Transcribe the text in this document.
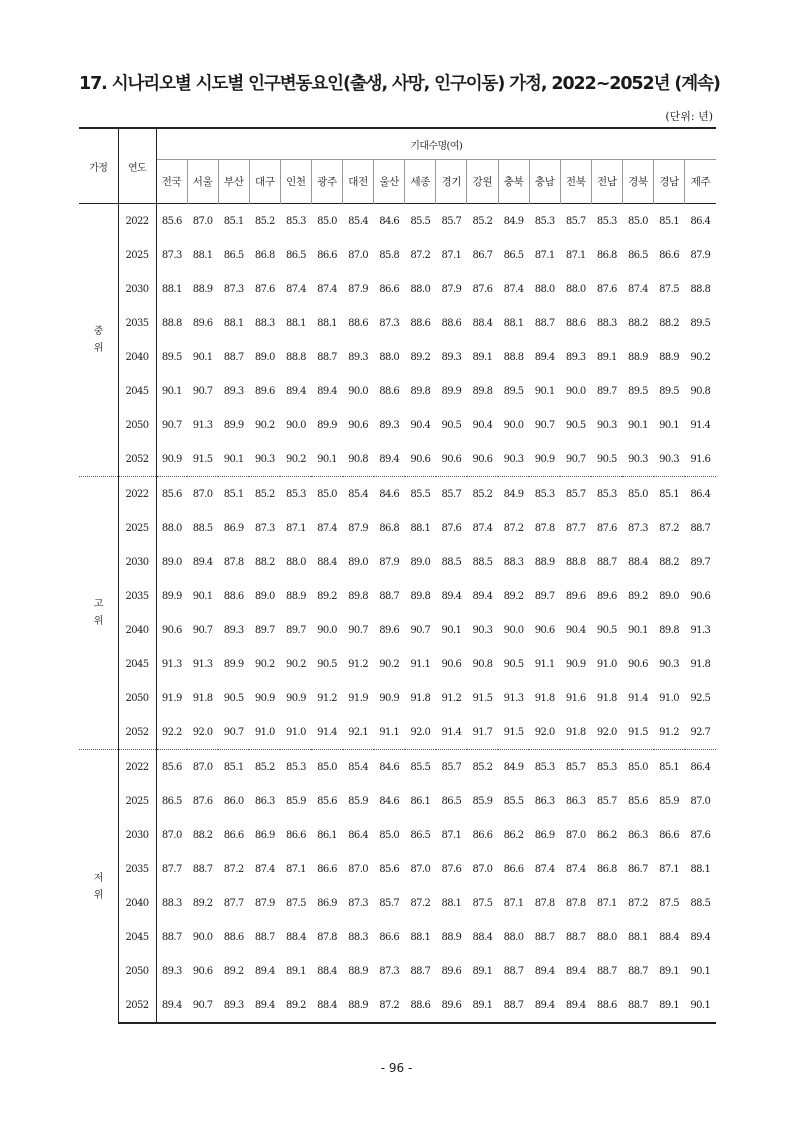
17. 시나리오별 시도별 인구변동요인(출생, 사망, 인구이동) 가정, 2022~2052년 (계속)
(단위: 년)
가정	연도	기대수명(여)																	
		전국	서울	부산	대구	인천	광주	대전	울산	세종	경기	강원	충북	충남	전북	전남	경북	경남	제주

중
위	2022	85.6	87.0	85.1	85.2	85.3	85.0	85.4	84.6	85.5	85.7	85.2	84.9	85.3	85.7	85.3	85.0	85.1	86.4
	2025	87.3	88.1	86.5	86.8	86.5	86.6	87.0	85.8	87.2	87.1	86.7	86.5	87.1	87.1	86.8	86.5	86.6	87.9
	2030	88.1	88.9	87.3	87.6	87.4	87.4	87.9	86.6	88.0	87.9	87.6	87.4	88.0	88.0	87.6	87.4	87.5	88.8
	2035	88.8	89.6	88.1	88.3	88.1	88.1	88.6	87.3	88.6	88.6	88.4	88.1	88.7	88.6	88.3	88.2	88.2	89.5
	2040	89.5	90.1	88.7	89.0	88.8	88.7	89.3	88.0	89.2	89.3	89.1	88.8	89.4	89.3	89.1	88.9	88.9	90.2
	2045	90.1	90.7	89.3	89.6	89.4	89.4	90.0	88.6	89.8	89.9	89.8	89.5	90.1	90.0	89.7	89.5	89.5	90.8
	2050	90.7	91.3	89.9	90.2	90.0	89.9	90.6	89.3	90.4	90.5	90.4	90.0	90.7	90.5	90.3	90.1	90.1	91.4
	2052	90.9	91.5	90.1	90.3	90.2	90.1	90.8	89.4	90.6	90.6	90.6	90.3	90.9	90.7	90.5	90.3	90.3	91.6

고
위	2022	85.6	87.0	85.1	85.2	85.3	85.0	85.4	84.6	85.5	85.7	85.2	84.9	85.3	85.7	85.3	85.0	85.1	86.4
	2025	88.0	88.5	86.9	87.3	87.1	87.4	87.9	86.8	88.1	87.6	87.4	87.2	87.8	87.7	87.6	87.3	87.2	88.7
	2030	89.0	89.4	87.8	88.2	88.0	88.4	89.0	87.9	89.0	88.5	88.5	88.3	88.9	88.8	88.7	88.4	88.2	89.7
	2035	89.9	90.1	88.6	89.0	88.9	89.2	89.8	88.7	89.8	89.4	89.4	89.2	89.7	89.6	89.6	89.2	89.0	90.6
	2040	90.6	90.7	89.3	89.7	89.7	90.0	90.7	89.6	90.7	90.1	90.3	90.0	90.6	90.4	90.5	90.1	89.8	91.3
	2045	91.3	91.3	89.9	90.2	90.2	90.5	91.2	90.2	91.1	90.6	90.8	90.5	91.1	90.9	91.0	90.6	90.3	91.8
	2050	91.9	91.8	90.5	90.9	90.9	91.2	91.9	90.9	91.8	91.2	91.5	91.3	91.8	91.6	91.8	91.4	91.0	92.5
	2052	92.2	92.0	90.7	91.0	91.0	91.4	92.1	91.1	92.0	91.4	91.7	91.5	92.0	91.8	92.0	91.5	91.2	92.7

저
위	2022	85.6	87.0	85.1	85.2	85.3	85.0	85.4	84.6	85.5	85.7	85.2	84.9	85.3	85.7	85.3	85.0	85.1	86.4
	2025	86.5	87.6	86.0	86.3	85.9	85.6	85.9	84.6	86.1	86.5	85.9	85.5	86.3	86.3	85.7	85.6	85.9	87.0
	2030	87.0	88.2	86.6	86.9	86.6	86.1	86.4	85.0	86.5	87.1	86.6	86.2	86.9	87.0	86.2	86.3	86.6	87.6
	2035	87.7	88.7	87.2	87.4	87.1	86.6	87.0	85.6	87.0	87.6	87.0	86.6	87.4	87.4	86.8	86.7	87.1	88.1
	2040	88.3	89.2	87.7	87.9	87.5	86.9	87.3	85.7	87.2	88.1	87.5	87.1	87.8	87.8	87.1	87.2	87.5	88.5
	2045	88.7	90.0	88.6	88.7	88.4	87.8	88.3	86.6	88.1	88.9	88.4	88.0	88.7	88.7	88.0	88.1	88.4	89.4
	2050	89.3	90.6	89.2	89.4	89.1	88.4	88.9	87.3	88.7	89.6	89.1	88.7	89.4	89.4	88.7	88.7	89.1	90.1
	2052	89.4	90.7	89.3	89.4	89.2	88.4	88.9	87.2	88.6	89.6	89.1	88.7	89.4	89.4	88.6	88.7	89.1	90.1
- 96 -
